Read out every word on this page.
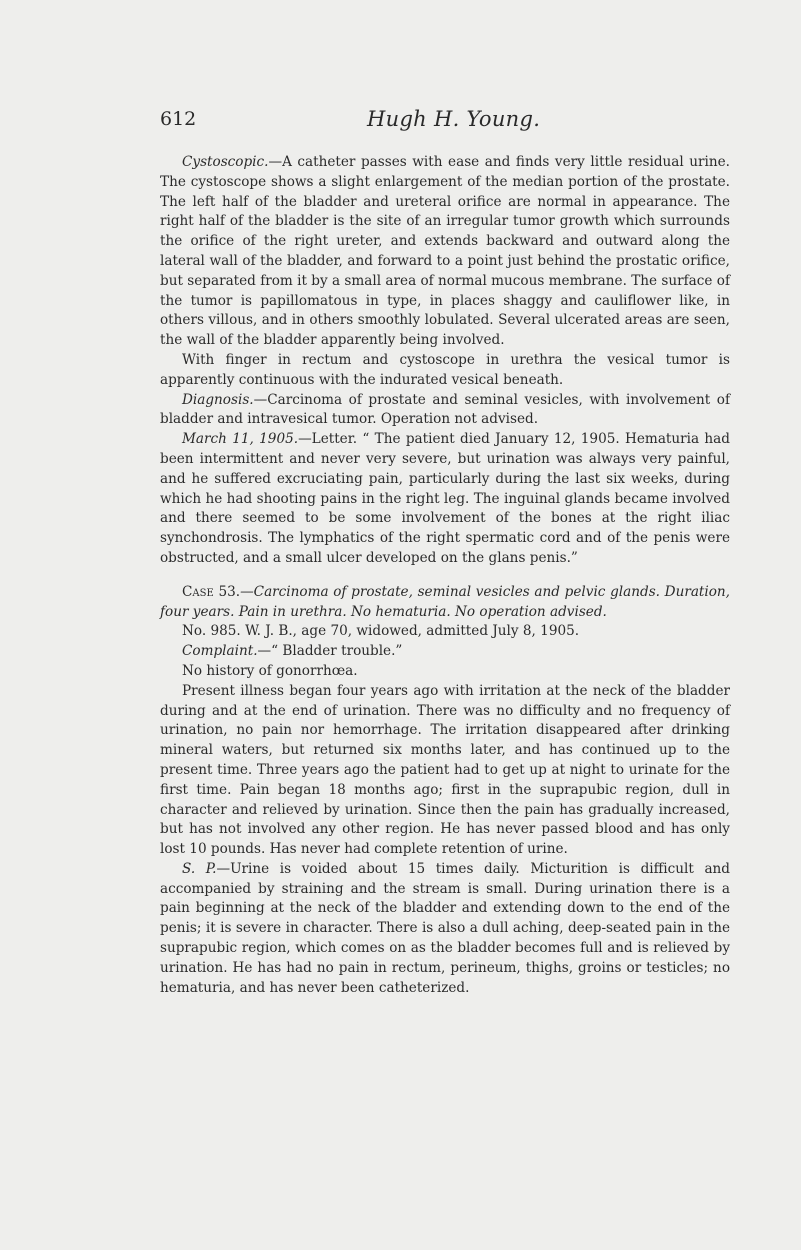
612	Hugh H. Young.

Cystoscopic.—A catheter passes with ease and finds very little residual urine. The cystoscope shows a slight enlargement of the median portion of the prostate. The left half of the bladder and ureteral orifice are normal in appearance. The right half of the bladder is the site of an irregular tumor growth which surrounds the orifice of the right ureter, and extends backward and outward along the lateral wall of the bladder, and forward to a point just behind the prostatic orifice, but separated from it by a small area of normal mucous membrane. The surface of the tumor is papillomatous in type, in places shaggy and cauliflower like, in others villous, and in others smoothly lobulated. Several ulcerated areas are seen, the wall of the bladder apparently being involved.

With finger in rectum and cystoscope in urethra the vesical tumor is apparently continuous with the indurated vesical beneath.

Diagnosis.—Carcinoma of prostate and seminal vesicles, with involvement of bladder and intravesical tumor. Operation not advised.

March 11, 1905.—Letter. “ The patient died January 12, 1905. Hematuria had been intermittent and never very severe, but urination was always very painful, and he suffered excruciating pain, particularly during the last six weeks, during which he had shooting pains in the right leg. The inguinal glands became involved and there seemed to be some involvement of the bones at the right iliac synchondrosis. The lymphatics of the right spermatic cord and of the penis were obstructed, and a small ulcer developed on the glans penis.”

Case 53.—Carcinoma of prostate, seminal vesicles and pelvic glands. Duration, four years. Pain in urethra. No hematuria. No operation advised.

No. 985. W. J. B., age 70, widowed, admitted July 8, 1905.

Complaint.—“ Bladder trouble.”

No history of gonorrhœa.

Present illness began four years ago with irritation at the neck of the bladder during and at the end of urination. There was no difficulty and no frequency of urination, no pain nor hemorrhage. The irritation disappeared after drinking mineral waters, but returned six months later, and has continued up to the present time. Three years ago the patient had to get up at night to urinate for the first time. Pain began 18 months ago; first in the suprapubic region, dull in character and relieved by urination. Since then the pain has gradually increased, but has not involved any other region. He has never passed blood and has only lost 10 pounds. Has never had complete retention of urine.

S. P.—Urine is voided about 15 times daily. Micturition is difficult and accompanied by straining and the stream is small. During urination there is a pain beginning at the neck of the bladder and extending down to the end of the penis; it is severe in character. There is also a dull aching, deep-seated pain in the suprapubic region, which comes on as the bladder becomes full and is relieved by urination. He has had no pain in rectum, perineum, thighs, groins or testicles; no hematuria, and has never been catheterized.
